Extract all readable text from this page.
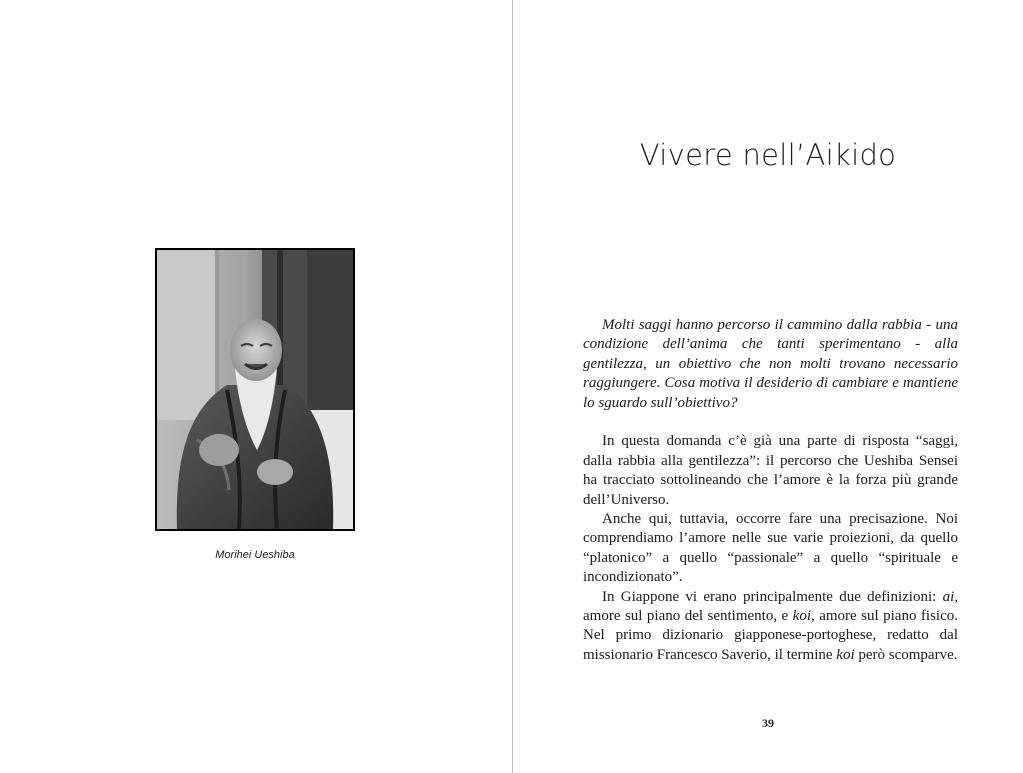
Morihei Ueshiba
Vivere nell’Aikido

Molti saggi hanno percorso il cammino dalla rabbia - una condizione dell’anima che tanti sperimentano - alla gentilezza, un obiettivo che non molti trovano necessario raggiungere. Cosa motiva il desiderio di cambiare e mantiene lo sguardo sull’obiettivo?

In questa domanda c’è già una parte di risposta “saggi, dalla rabbia alla gentilezza”: il percorso che Ueshiba Sensei ha tracciato sottolineando che l’amore è la forza più grande dell’Universo.

Anche qui, tuttavia, occorre fare una precisazione. Noi comprendiamo l’amore nelle sue varie proiezioni, da quello “platonico” a quello “passionale” a quello “spirituale e incondizionato”.

In Giappone vi erano principalmente due definizioni: ai, amore sul piano del sentimento, e koi, amore sul piano fisico. Nel primo dizionario giapponese-portoghese, redatto dal missionario Francesco Saverio, il termine koi però scomparve.

39
